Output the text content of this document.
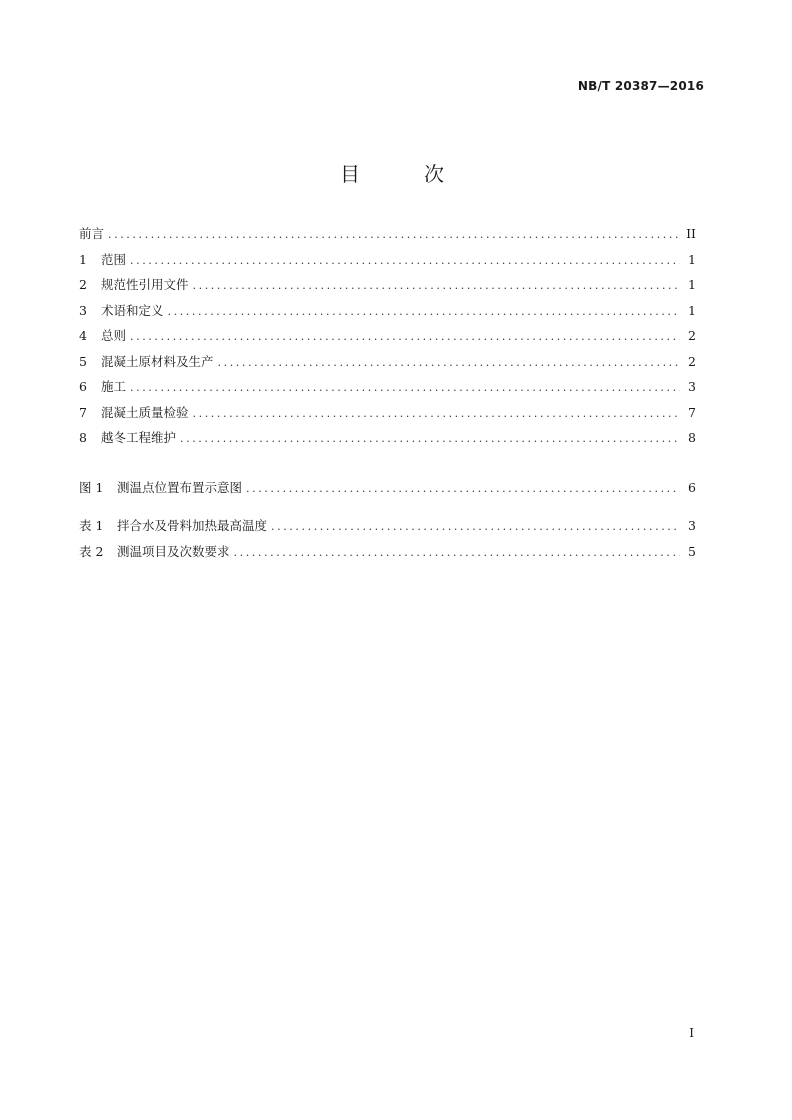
NB/T 20387—2016
目　次
前言 .....	II
1	范围 .....	1
2	规范性引用文件 .....	1
3	术语和定义 .....	1
4	总则 .....	2
5	混凝土原材料及生产 .....	2
6	施工 .....	3
7	混凝土质量检验 .....	7
8	越冬工程维护 .....	8
图 1	测温点位置布置示意图 .....	6
表 1	拌合水及骨料加热最高温度 .....	3
表 2	测温项目及次数要求 .....	5
I
